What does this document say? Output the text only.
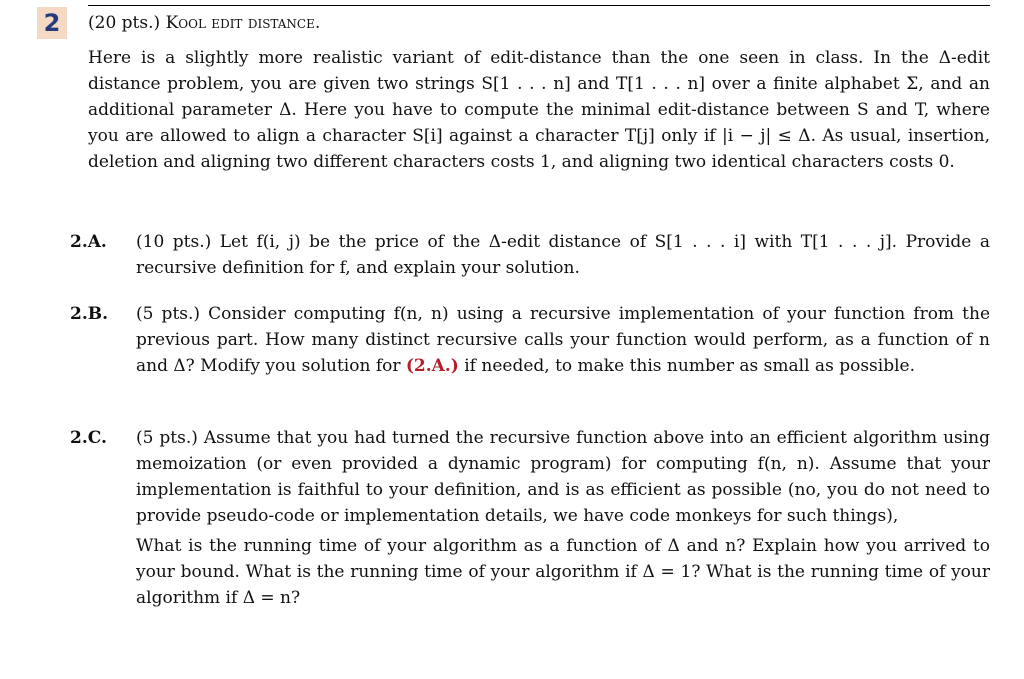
2	(20 pts.) Kool edit distance.
Here is a slightly more realistic variant of edit-distance than the one seen in class. In the Δ-edit distance problem, you are given two strings S[1 . . . n] and T[1 . . . n] over a finite alphabet Σ, and an additional parameter Δ. Here you have to compute the minimal edit-distance between S and T, where you are allowed to align a character S[i] against a character T[j] only if |i − j| ≤ Δ. As usual, insertion, deletion and aligning two different characters costs 1, and aligning two identical characters costs 0.
2.A. (10 pts.) Let f(i, j) be the price of the Δ-edit distance of S[1 . . . i] with T[1 . . . j]. Provide a recursive definition for f, and explain your solution.

2.B. (5 pts.) Consider computing f(n, n) using a recursive implementation of your function from the previous part. How many distinct recursive calls your function would perform, as a function of n and Δ? Modify you solution for (2.A.) if needed, to make this number as small as possible.

2.C. (5 pts.) Assume that you had turned the recursive function above into an efficient algorithm using memoization (or even provided a dynamic program) for computing f(n, n). Assume that your implementation is faithful to your definition, and is as efficient as possible (no, you do not need to provide pseudo-code or implementation details, we have code monkeys for such things),

What is the running time of your algorithm as a function of Δ and n? Explain how you arrived to your bound. What is the running time of your algorithm if Δ = 1? What is the running time of your algorithm if Δ = n?
